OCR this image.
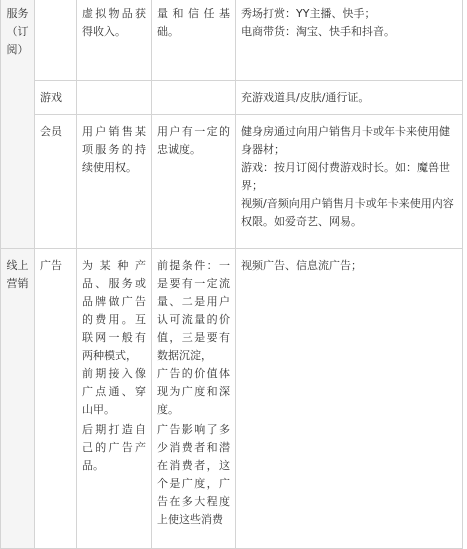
服务（订阅）		虚拟物品获得收入。	量和信任基础。	秀场打赏：YY主播、快手；
电商带货：淘宝、快手和抖音。

	游戏			充游戏道具/皮肤/通行证。

	会员	用户销售某项服务的持续使用权。	用户有一定的忠诚度。	健身房通过向用户销售月卡或年卡来使用健身器材；
游戏：按月订阅付费游戏时长。如：魔兽世界；
视频/音频向用户销售月卡或年卡来使用内容权限。如爱奇艺、网易。

线上营销	广告	为某种产品、服务或品牌做广告的费用。互联网一般有两种模式，
前期接入像广点通、穿山甲。
后期打造自己的广告产品。	前提条件：一是要有一定流量、二是用户认可流量的价值，三是要有数据沉淀，
广告的价值体现为广度和深度。
广告影响了多少消费者和潜在消费者，这个是广度，广告在多大程度上使这些消费	视频广告、信息流广告；
